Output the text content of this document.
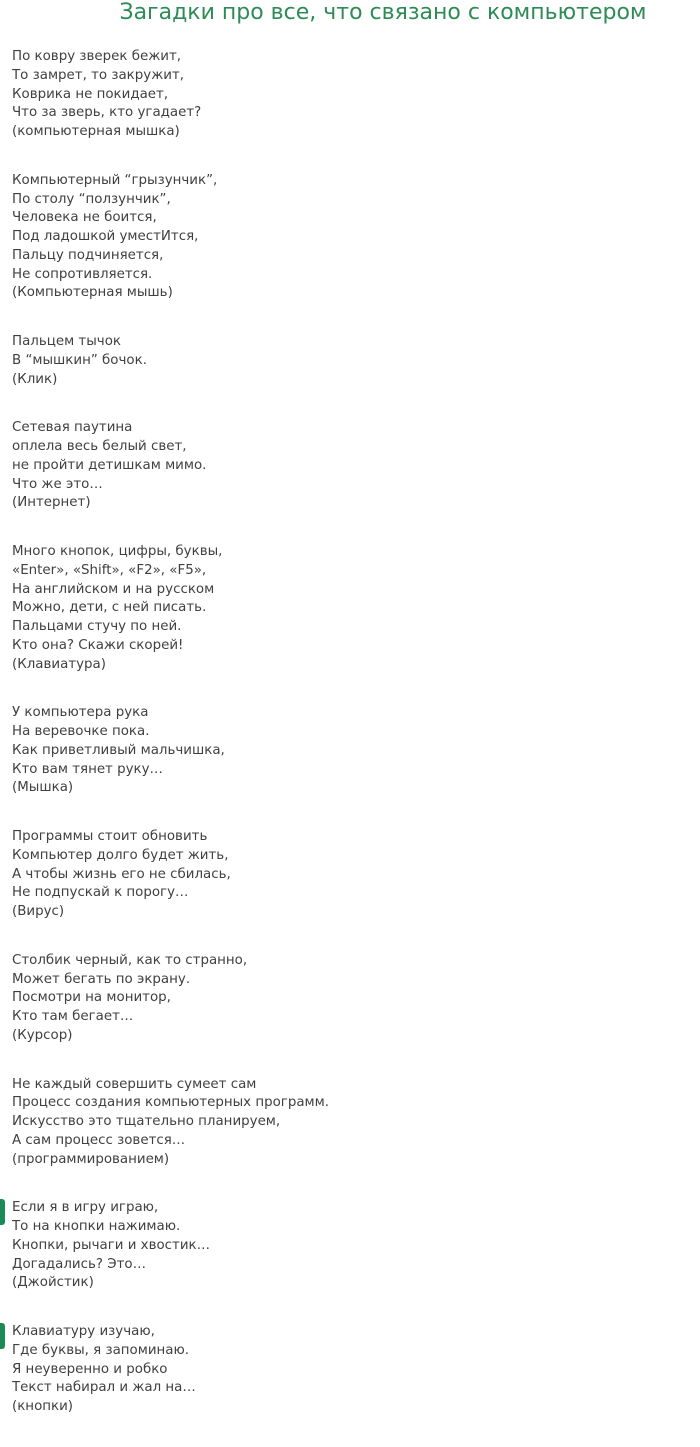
Загадки про все, что связано с компьютером
По ковру зверек бежит,
То замрет, то закружит,
Коврика не покидает,
Что за зверь, кто угадает?
(компьютерная мышка)
Компьютерный “грызунчик”,
По столу “ползунчик”,
Человека не боится,
Под ладошкой уместИтся,
Пальцу подчиняется,
Не сопротивляется.
(Компьютерная мышь)
Пальцем тычок
В “мышкин” бочок.
(Клик)
Сетевая паутина
оплела весь белый свет,
не пройти детишкам мимо.
Что же это…
(Интернет)
Много кнопок, цифры, буквы,
«Enter», «Shift», «F2», «F5»,
На английском и на русском
Можно, дети, с ней писать.
Пальцами стучу по ней.
Кто она? Скажи скорей!
(Клавиатура)
У компьютера рука
На веревочке пока.
Как приветливый мальчишка,
Кто вам тянет руку…
(Мышка)
Программы стоит обновить
Компьютер долго будет жить,
А чтобы жизнь его не сбилась,
Не подпускай к порогу…
(Вирус)
Столбик черный, как то странно,
Может бегать по экрану.
Посмотри на монитор,
Кто там бегает…
(Курсор)
Не каждый совершить сумеет сам
Процесс создания компьютерных программ.
Искусство это тщательно планируем,
А сам процесс зовется…
(программированием)
Если я в игру играю,
То на кнопки нажимаю.
Кнопки, рычаги и хвостик…
Догадались? Это…
(Джойстик)
Клавиатуру изучаю,
Где буквы, я запоминаю.
Я неуверенно и робко
Текст набирал и жал на…
(кнопки)
